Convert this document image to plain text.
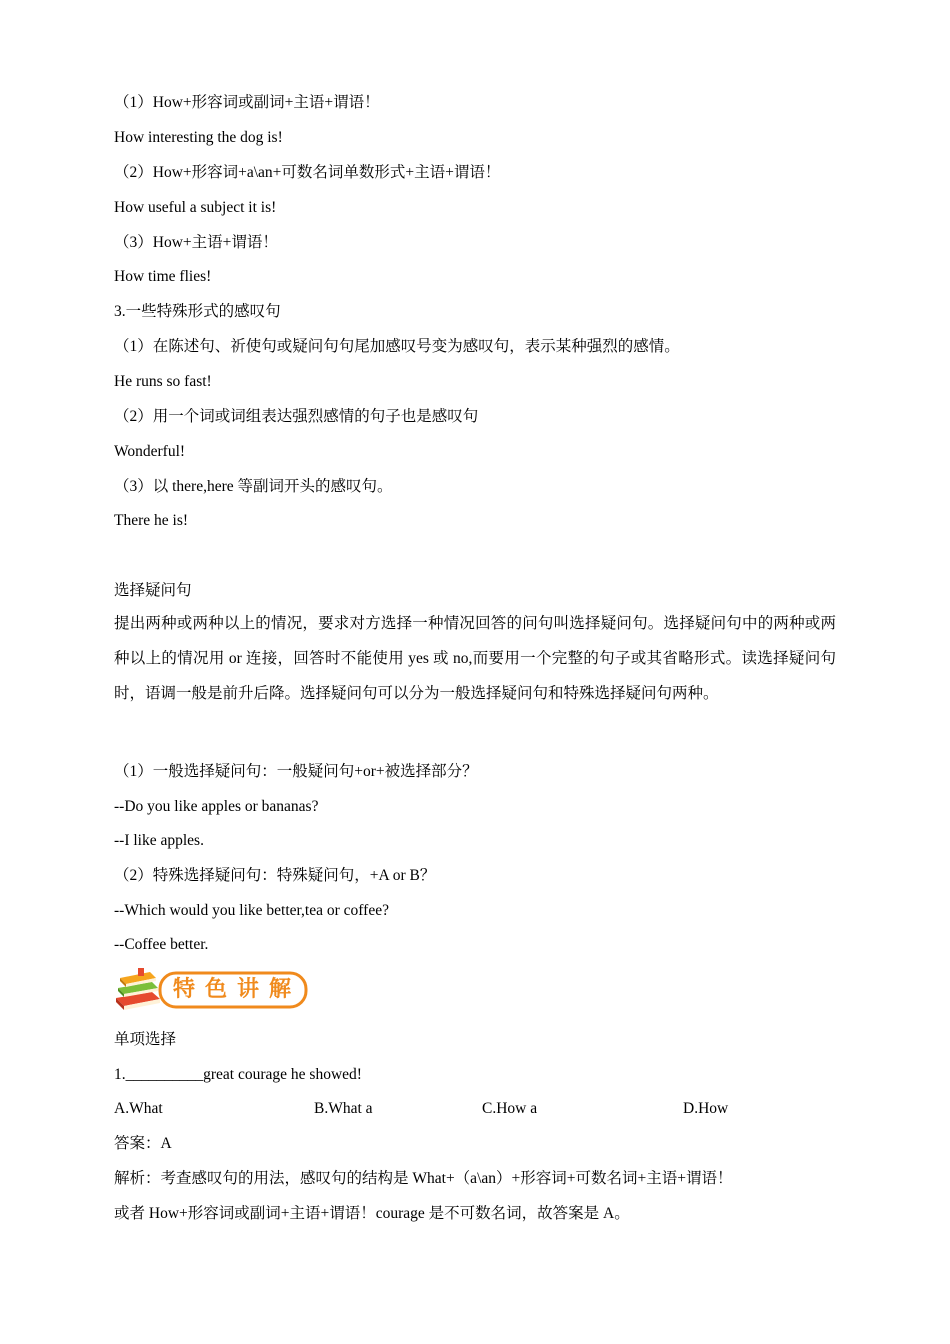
（1）How+形容词或副词+主语+谓语！
How interesting the dog is!
（2）How+形容词+a\an+可数名词单数形式+主语+谓语！
How useful a subject it is!
（3）How+主语+谓语！
How time flies!
3.一些特殊形式的感叹句
（1）在陈述句、祈使句或疑问句句尾加感叹号变为感叹句，表示某种强烈的感情。
He runs so fast!
（2）用一个词或词组表达强烈感情的句子也是感叹句
Wonderful!
（3）以 there,here 等副词开头的感叹句。
There he is!
选择疑问句
提出两种或两种以上的情况，要求对方选择一种情况回答的问句叫选择疑问句。选择疑问句中的两种或两种以上的情况用 or 连接，回答时不能使用 yes 或 no,而要用一个完整的句子或其省略形式。读选择疑问句时，语调一般是前升后降。选择疑问句可以分为一般选择疑问句和特殊选择疑问句两种。
（1）一般选择疑问句：一般疑问句+or+被选择部分？
--Do you like apples or bananas?
--I like apples.
（2）特殊选择疑问句：特殊疑问句，+A or B？
--Which would you like better,tea or coffee?
--Coffee better.
特色讲解
单项选择
1.__________great courage he showed!
A.What	B.What a	C.How a	D.How
答案：A
解析：考查感叹句的用法，感叹句的结构是 What+（a\an）+形容词+可数名词+主语+谓语！
或者 How+形容词或副词+主语+谓语！courage 是不可数名词，故答案是 A。
